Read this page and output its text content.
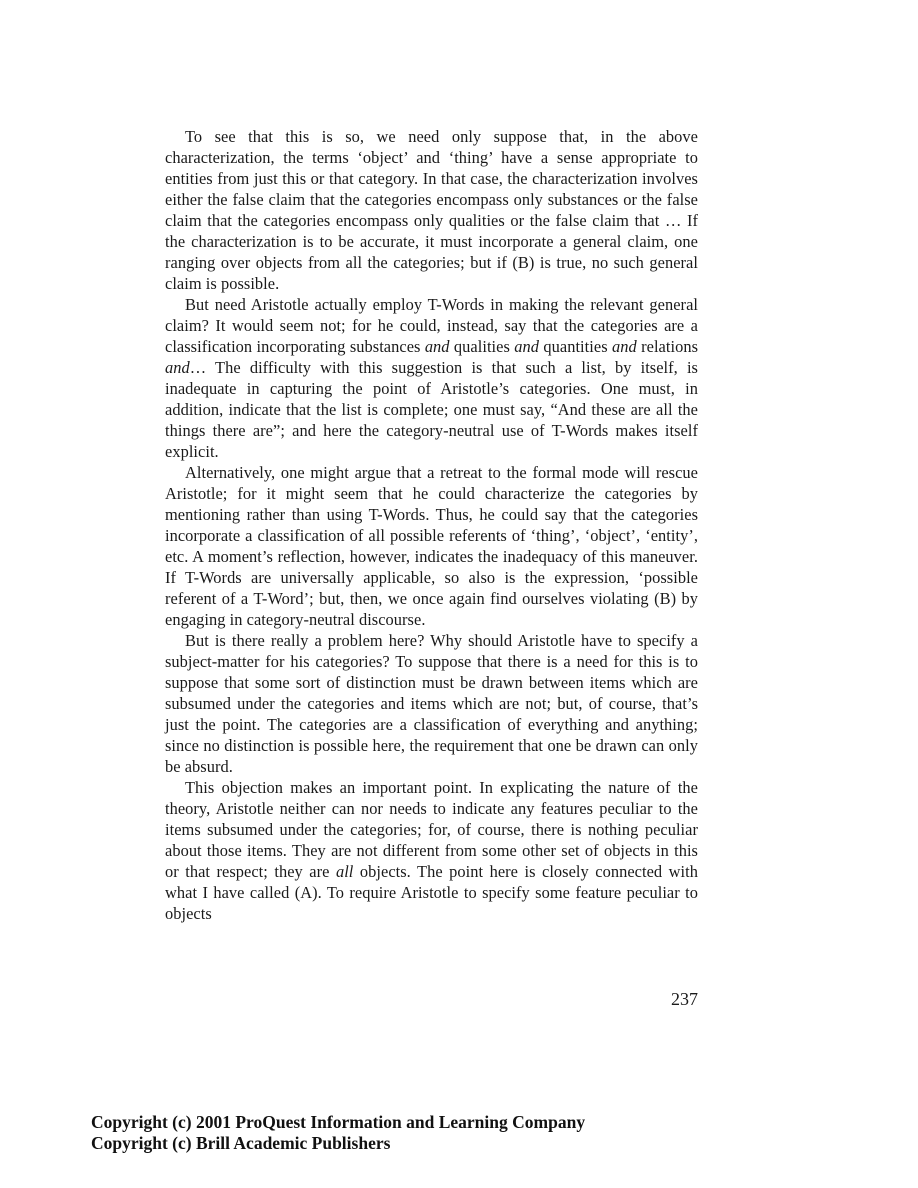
To see that this is so, we need only suppose that, in the above characterization, the terms ‘object’ and ‘thing’ have a sense appropriate to entities from just this or that category. In that case, the characterization involves either the false claim that the categories encompass only substances or the false claim that the categories encompass only qualities or the false claim that … If the characterization is to be accurate, it must incorporate a general claim, one ranging over objects from all the categories; but if (B) is true, no such general claim is possible.

But need Aristotle actually employ T-Words in making the relevant general claim? It would seem not; for he could, instead, say that the categories are a classification incorporating substances and qualities and quantities and relations and… The difficulty with this suggestion is that such a list, by itself, is inadequate in capturing the point of Aristotle’s categories. One must, in addition, indicate that the list is complete; one must say, “And these are all the things there are”; and here the category-neutral use of T-Words makes itself explicit.

Alternatively, one might argue that a retreat to the formal mode will rescue Aristotle; for it might seem that he could characterize the categories by mentioning rather than using T-Words. Thus, he could say that the categories incorporate a classification of all possible referents of ‘thing’, ‘object’, ‘entity’, etc. A moment’s reflection, however, indicates the inadequacy of this maneuver. If T-Words are universally applicable, so also is the expression, ‘possible referent of a T-Word’; but, then, we once again find ourselves violating (B) by engaging in category-neutral discourse.

But is there really a problem here? Why should Aristotle have to specify a subject-matter for his categories? To suppose that there is a need for this is to suppose that some sort of distinction must be drawn between items which are subsumed under the categories and items which are not; but, of course, that’s just the point. The categories are a classification of everything and anything; since no distinction is possible here, the requirement that one be drawn can only be absurd.

This objection makes an important point. In explicating the nature of the theory, Aristotle neither can nor needs to indicate any features peculiar to the items subsumed under the categories; for, of course, there is nothing peculiar about those items. They are not different from some other set of objects in this or that respect; they are all objects. The point here is closely connected with what I have called (A). To require Aristotle to specify some feature peculiar to objects

237
Copyright (c) 2001 ProQuest Information and Learning Company
Copyright (c) Brill Academic Publishers
